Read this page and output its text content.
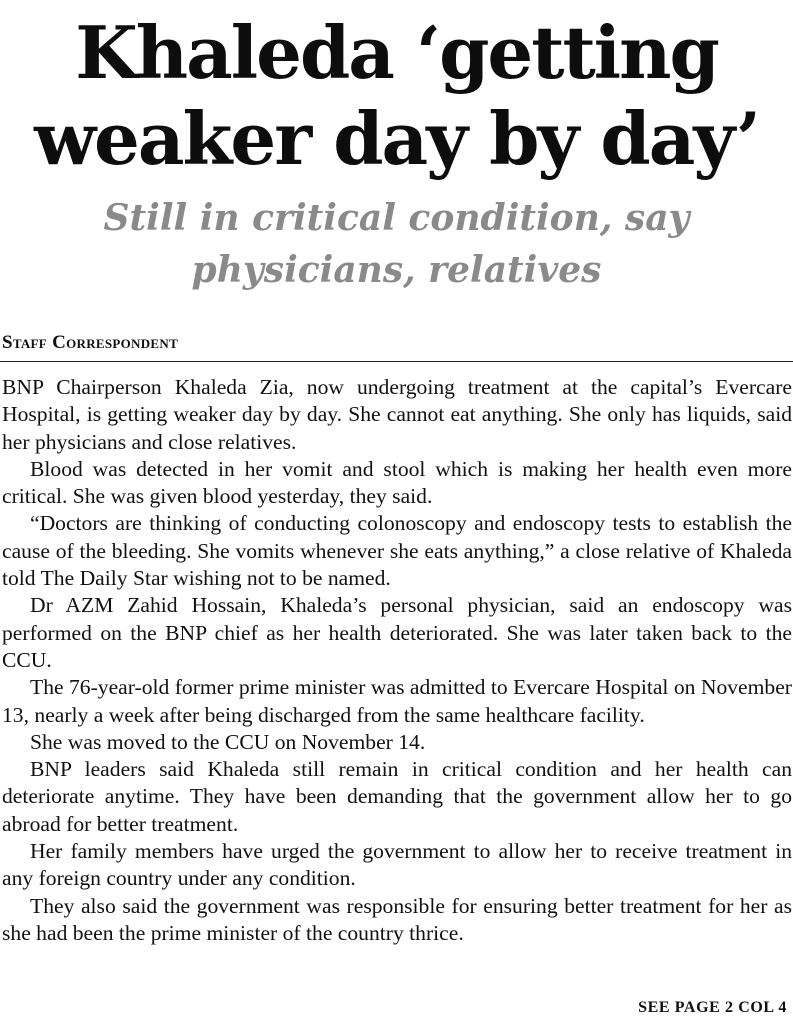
Khaleda ‘getting
weaker day by day’
Still in critical condition, say
physicians, relatives
Staff Correspondent

BNP Chairperson Khaleda Zia, now undergoing treatment at the capital’s Evercare Hospital, is getting weaker day by day. She cannot eat anything. She only has liquids, said her physicians and close relatives.

Blood was detected in her vomit and stool which is making her health even more critical. She was given blood yesterday, they said.

“Doctors are thinking of conducting colonoscopy and endoscopy tests to establish the cause of the bleeding. She vomits whenever she eats anything,” a close relative of Khaleda told The Daily Star wishing not to be named.

Dr AZM Zahid Hossain, Khaleda’s personal physician, said an endoscopy was performed on the BNP chief as her health deteriorated. She was later taken back to the CCU.

The 76-year-old former prime minister was admitted to Evercare Hospital on November 13, nearly a week after being discharged from the same healthcare facility.

She was moved to the CCU on November 14.

BNP leaders said Khaleda still remain in critical condition and her health can deteriorate anytime. They have been demanding that the government allow her to go abroad for better treatment.

Her family members have urged the government to allow her to receive treatment in any foreign country under any condition.

They also said the government was responsible for ensuring better treatment for her as she had been the prime minister of the country thrice.

SEE PAGE 2 COL 4
